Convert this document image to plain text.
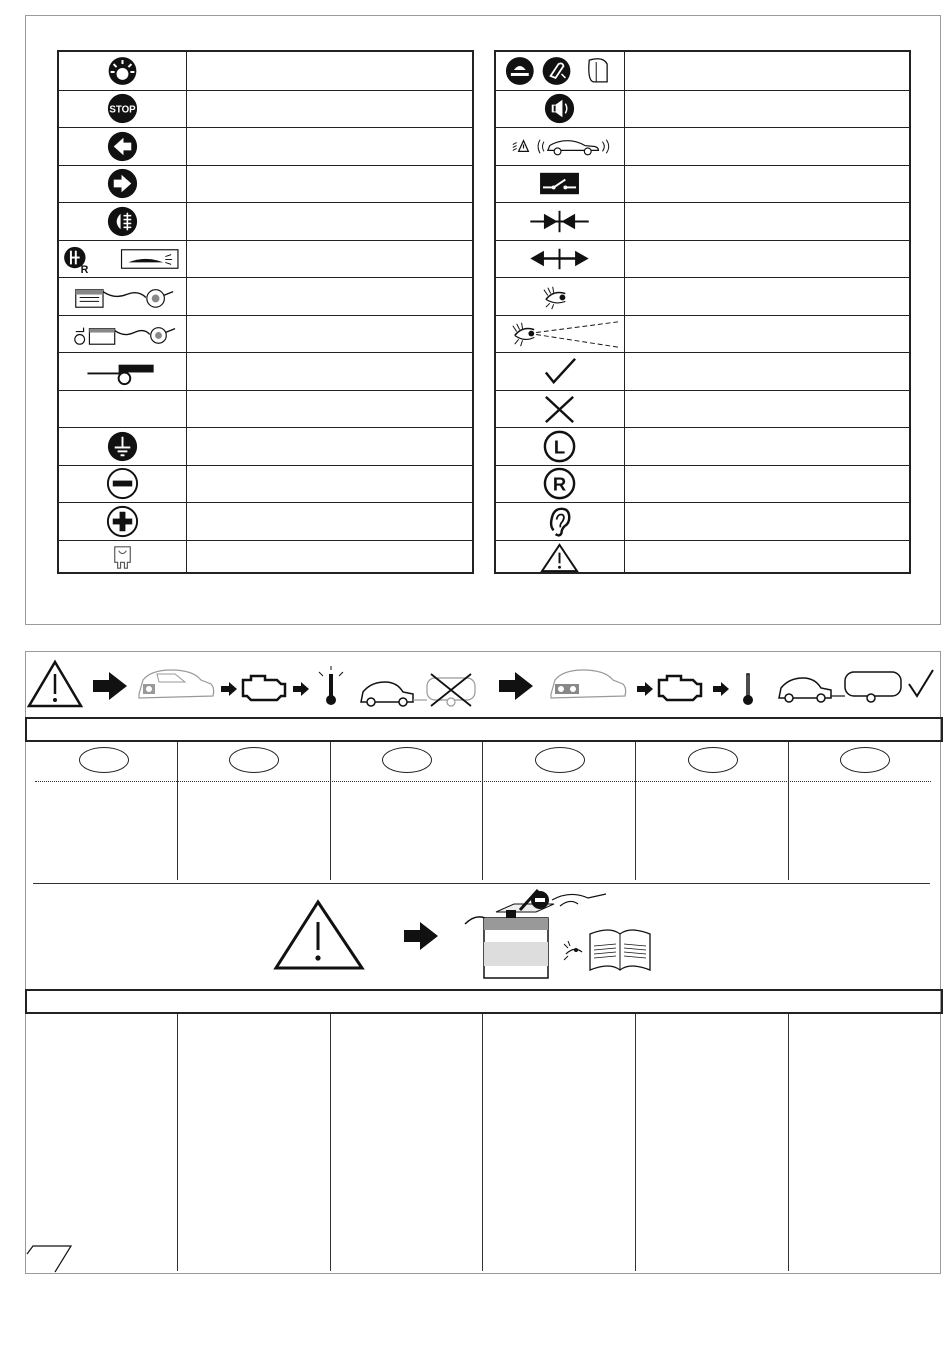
STOP
R
L
R
